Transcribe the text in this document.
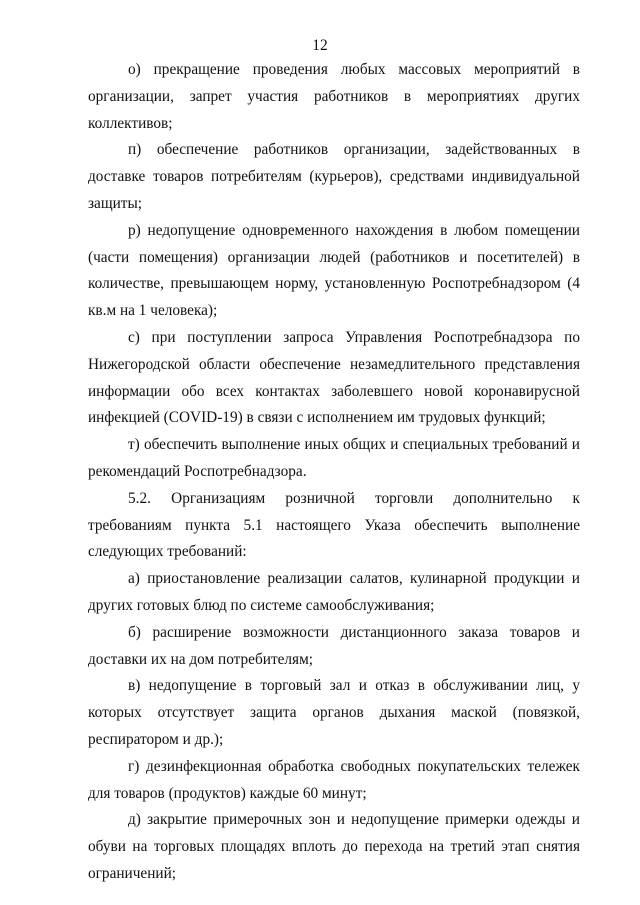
12

о) прекращение проведения любых массовых мероприятий в организации, запрет участия работников в мероприятиях других коллективов;

п) обеспечение работников организации, задействованных в доставке товаров потребителям (курьеров), средствами индивидуальной защиты;

р) недопущение одновременного нахождения в любом помещении (части помещения) организации людей (работников и посетителей) в количестве, превышающем норму, установленную Роспотребнадзором (4 кв.м на 1 человека);

с) при поступлении запроса Управления Роспотребнадзора по Нижегородской области обеспечение незамедлительного представления информации обо всех контактах заболевшего новой коронавирусной инфекцией (COVID-19) в связи с исполнением им трудовых функций;

т) обеспечить выполнение иных общих и специальных требований и рекомендаций Роспотребнадзора.

5.2. Организациям розничной торговли дополнительно к требованиям пункта 5.1 настоящего Указа обеспечить выполнение следующих требований:

а) приостановление реализации салатов, кулинарной продукции и других готовых блюд по системе самообслуживания;

б) расширение возможности дистанционного заказа товаров и доставки их на дом потребителям;

в) недопущение в торговый зал и отказ в обслуживании лиц, у которых отсутствует защита органов дыхания маской (повязкой, респиратором и др.);

г) дезинфекционная обработка свободных покупательских тележек для товаров (продуктов) каждые 60 минут;

д) закрытие примерочных зон и недопущение примерки одежды и обуви на торговых площадях вплоть до перехода на третий этап снятия ограничений;
